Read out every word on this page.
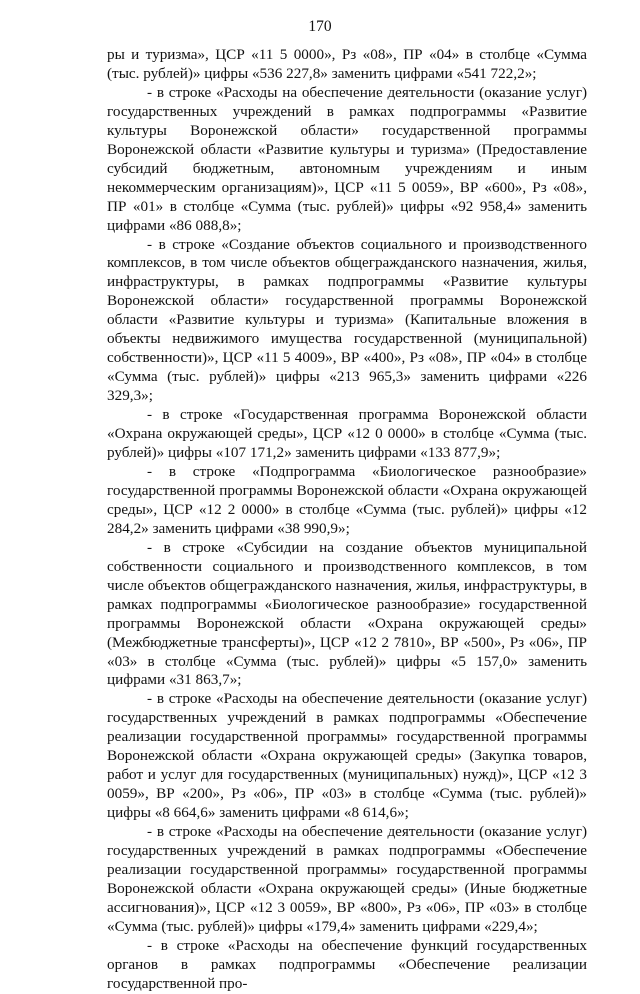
170

ры и туризма», ЦСР «11 5 0000», Рз «08», ПР «04» в столбце «Сумма (тыс. рублей)» цифры «536 227,8» заменить цифрами «541 722,2»;

- в строке «Расходы на обеспечение деятельности (оказание услуг) государственных учреждений в рамках подпрограммы «Развитие культуры Воронежской области» государственной программы Воронежской области «Развитие культуры и туризма» (Предоставление субсидий бюджетным, автономным учреждениям и иным некоммерческим организациям)», ЦСР «11 5 0059», ВР «600», Рз «08», ПР «01» в столбце «Сумма (тыс. рублей)» цифры «92 958,4» заменить цифрами «86 088,8»;

- в строке «Создание объектов социального и производственного комплексов, в том числе объектов общегражданского назначения, жилья, инфраструктуры, в рамках подпрограммы «Развитие культуры Воронежской области» государственной программы Воронежской области «Развитие культуры и туризма» (Капитальные вложения в объекты недвижимого имущества государственной (муниципальной) собственности)», ЦСР «11 5 4009», ВР «400», Рз «08», ПР «04» в столбце «Сумма (тыс. рублей)» цифры «213 965,3» заменить цифрами «226 329,3»;

- в строке «Государственная программа Воронежской области «Охрана окружающей среды», ЦСР «12 0 0000» в столбце «Сумма (тыс. рублей)» цифры «107 171,2» заменить цифрами «133 877,9»;

- в строке «Подпрограмма «Биологическое разнообразие» государственной программы Воронежской области «Охрана окружающей среды», ЦСР «12 2 0000» в столбце «Сумма (тыс. рублей)» цифры «12 284,2» заменить цифрами «38 990,9»;

- в строке «Субсидии на создание объектов муниципальной собственности социального и производственного комплексов, в том числе объектов общегражданского назначения, жилья, инфраструктуры, в рамках подпрограммы «Биологическое разнообразие» государственной программы Воронежской области «Охрана окружающей среды» (Межбюджетные трансферты)», ЦСР «12 2 7810», ВР «500», Рз «06», ПР «03» в столбце «Сумма (тыс. рублей)» цифры «5 157,0» заменить цифрами «31 863,7»;

- в строке «Расходы на обеспечение деятельности (оказание услуг) государственных учреждений в рамках подпрограммы «Обеспечение реализации государственной программы» государственной программы Воронежской области «Охрана окружающей среды» (Закупка товаров, работ и услуг для государственных (муниципальных) нужд)», ЦСР «12 3 0059», ВР «200», Рз «06», ПР «03» в столбце «Сумма (тыс. рублей)» цифры «8 664,6» заменить цифрами «8 614,6»;

- в строке «Расходы на обеспечение деятельности (оказание услуг) государственных учреждений в рамках подпрограммы «Обеспечение реализации государственной программы» государственной программы Воронежской области «Охрана окружающей среды» (Иные бюджетные ассигнования)», ЦСР «12 3 0059», ВР «800», Рз «06», ПР «03» в столбце «Сумма (тыс. рублей)» цифры «179,4» заменить цифрами «229,4»;

- в строке «Расходы на обеспечение функций государственных органов в рамках подпрограммы «Обеспечение реализации государственной про-
